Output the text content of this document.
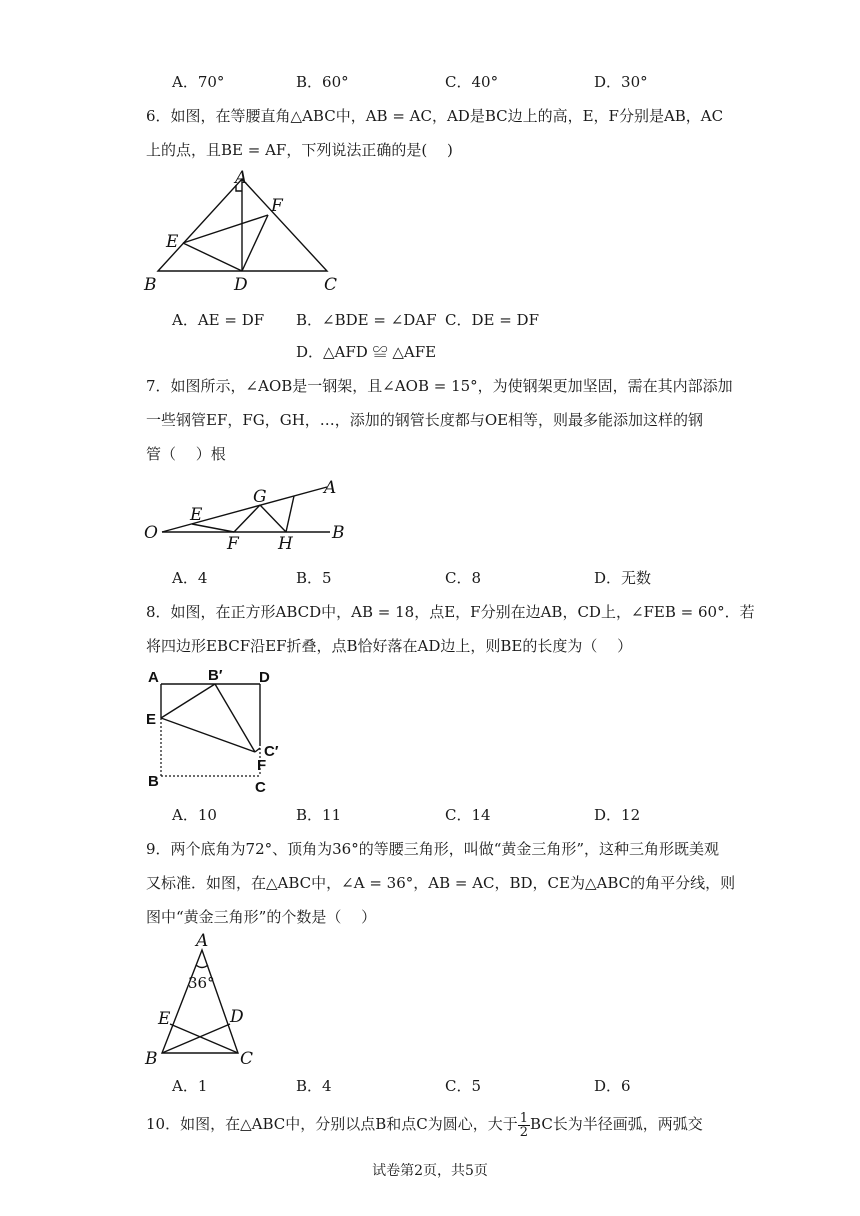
A．70°	B．60°	C．40°	D．30°
6．如图，在等腰直角△ABC中，AB = AC，AD是BC边上的高，E，F分别是AB，AC
上的点，且BE = AF，下列说法正确的是(　 )
A
F
E
B	D	C
A．AE = DF B．∠BDE = ∠DAF C．DE = DF
D．△AFD ≌ △AFE
7．如图所示，∠AOB是一钢架，且∠AOB = 15°，为使钢架更加坚固，需在其内部添加
一些钢管EF，FG，GH，…，添加的钢管长度都与OE相等，则最多能添加这样的钢
管（　 ）根
G	A
E
O
F H
B
A．4	B．5	C．8	D．无数
8．如图，在正方形ABCD中，AB = 18，点E，F分别在边AB，CD上，∠FEB = 60°．若
将四边形EBCF沿EF折叠，点B恰好落在AD边上，则BE的长度为（　 ）
A	B′ D
E
C′
F
B	C
A．10	B．11	C．14	D．12
9．两个底角为72°、顶角为36°的等腰三角形，叫做“黄金三角形”，这种三角形既美观
又标准．如图，在△ABC中，∠A = 36°，AB = AC，BD，CE为△ABC的角平分线，则
图中“黄金三角形”的个数是（　 ）
A
36°
E	D
B	C
A．1	B．4	C．5	D．6
10．如图，在△ABC中，分别以点B和点C为圆心，大于 $\frac{1}{2}$ BC长为半径画弧，两弧交
试卷第2页，共5页
